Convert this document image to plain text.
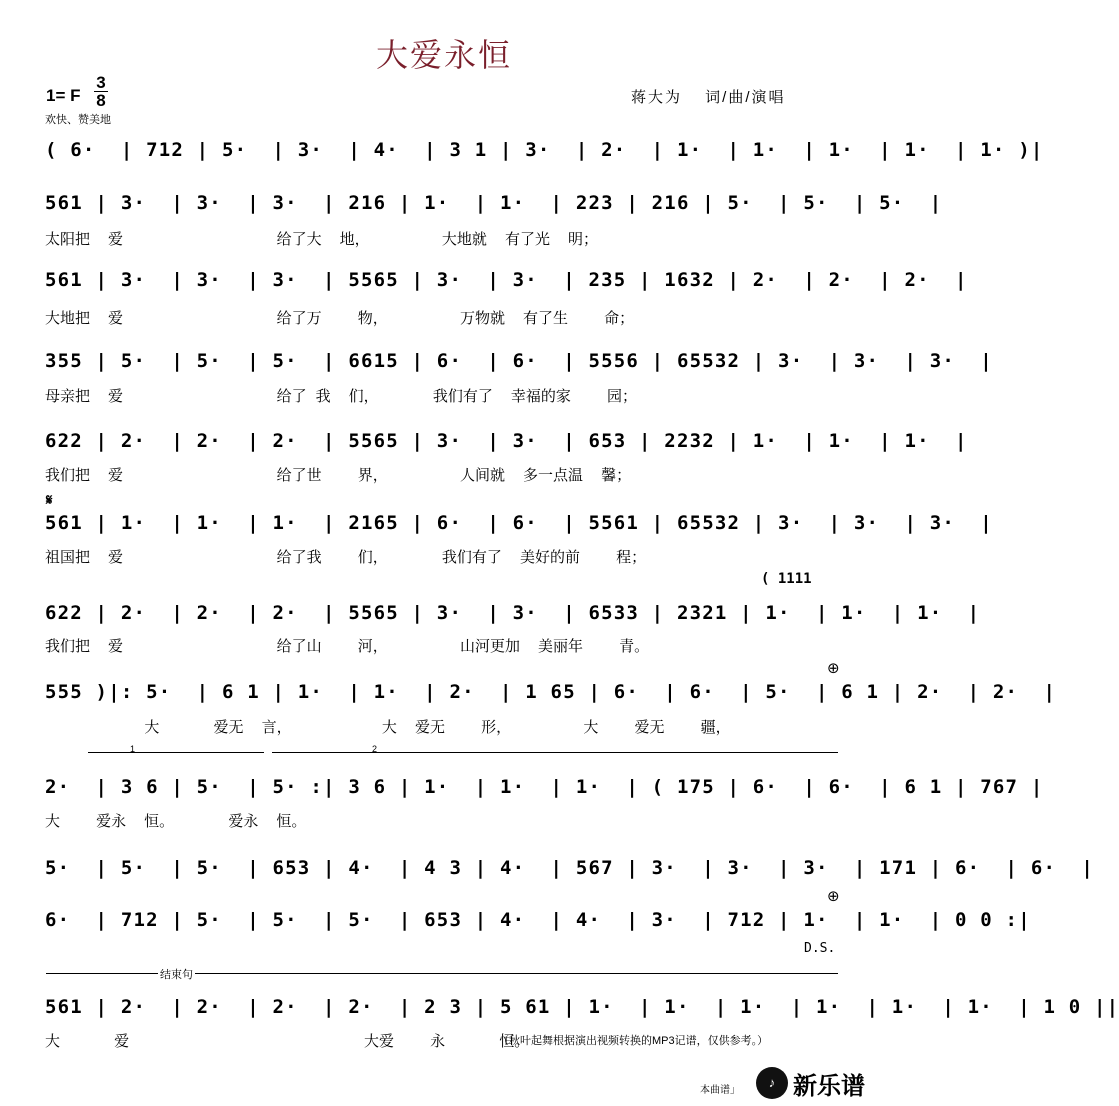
大爱永恒
1= F
3
8
欢快、赞美地
蒋大为　 词/曲/演唱
( 6·  | 712 | 5·  | 3·  | 4·  | 3 1 | 3·  | 2·  | 1·  | 1·  | 1·  | 1·  | 1· )|
561 | 3·  | 3·  | 3·  | 216 | 1·  | 1·  | 223 | 216 | 5·  | 5·  | 5·  |
太阳把  爱                 给了大  地，        大地就  有了光  明；
561 | 3·  | 3·  | 3·  | 5565 | 3·  | 3·  | 235 | 1632 | 2·  | 2·  | 2·  |
大地把  爱                 给了万    物，        万物就  有了生    命；
355 | 5·  | 5·  | 5·  | 6615 | 6·  | 6·  | 5556 | 65532 | 3·  | 3·  | 3·  |
母亲把  爱                 给了 我  们，      我们有了  幸福的家    园；
622 | 2·  | 2·  | 2·  | 5565 | 3·  | 3·  | 653 | 2232 | 1·  | 1·  | 1·  |
我们把  爱                 给了世    界，        人间就  多一点温  馨；
𝄋
561 | 1·  | 1·  | 1·  | 2165 | 6·  | 6·  | 5561 | 65532 | 3·  | 3·  | 3·  |
祖国把  爱                 给了我    们，      我们有了  美好的前    程；
( 1111
622 | 2·  | 2·  | 2·  | 5565 | 3·  | 3·  | 6533 | 2321 | 1·  | 1·  | 1·  |
我们把  爱                 给了山    河，        山河更加  美丽年    青。
⊕
555 )|: 5·  | 6 1 | 1·  | 1·  | 2·  | 1 65 | 6·  | 6·  | 5·  | 6 1 | 2·  | 2·  |
大      爱无  言，          大  爱无    形，        大    爱无    疆，
1	2
2·  | 3 6 | 5·  | 5· :| 3 6 | 1·  | 1·  | 1·  | ( 175 | 6·  | 6·  | 6 1 | 767 |
大    爱永  恒。      爱永  恒。
5·  | 5·  | 5·  | 653 | 4·  | 4 3 | 4·  | 567 | 3·  | 3·  | 3·  | 171 | 6·  | 6·  |
⊕
6·  | 712 | 5·  | 5·  | 5·  | 653 | 4·  | 4·  | 3·  | 712 | 1·  | 1·  | 0 0 :|
D.S.
结束句
561 | 2·  | 2·  | 2·  | 2·  | 2 3 | 5 61 | 1·  | 1·  | 1·  | 1·  | 1·  | 1·  | 1 0 ||
大      爱                          大爱    永      恒。
（秋叶起舞根据演出视频转换的MP3记谱，仅供参考。）
本曲谱」
♪ 新乐谱
